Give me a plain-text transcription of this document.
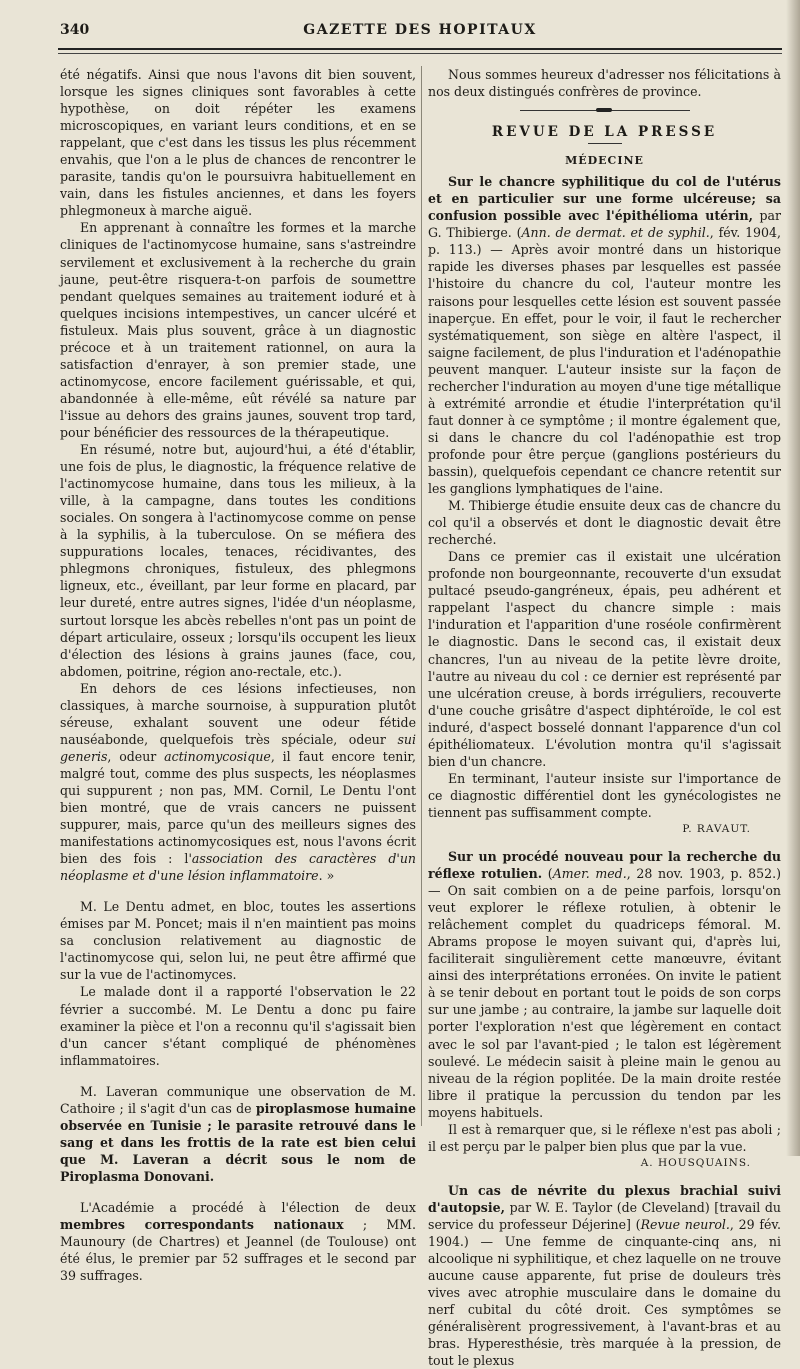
340	GAZETTE DES HOPITAUX

été négatifs. Ainsi que nous l'avons dit bien souvent, lorsque les signes cliniques sont favorables à cette hypothèse, on doit répéter les examens microscopiques, en variant leurs conditions, et en se rappelant, que c'est dans les tissus les plus récemment envahis, que l'on a le plus de chances de rencontrer le parasite, tandis qu'on le poursuivra habituellement en vain, dans les fistules anciennes, et dans les foyers phlegmoneux à marche aiguë.

En apprenant à connaître les formes et la marche cliniques de l'actinomycose humaine, sans s'astreindre servilement et exclusivement à la recherche du grain jaune, peut-être risquera-t-on parfois de soumettre pendant quelques semaines au traitement ioduré et à quelques incisions intempestives, un cancer ulcéré et fistuleux. Mais plus souvent, grâce à un diagnostic précoce et à un traitement rationnel, on aura la satisfaction d'enrayer, à son premier stade, une actinomycose, encore facilement guérissable, et qui, abandonnée à elle-même, eût révélé sa nature par l'issue au dehors des grains jaunes, souvent trop tard, pour bénéficier des ressources de la thérapeutique.

En résumé, notre but, aujourd'hui, a été d'établir, une fois de plus, le diagnostic, la fréquence relative de l'actinomycose humaine, dans tous les milieux, à la ville, à la campagne, dans toutes les conditions sociales. On songera à l'actinomycose comme on pense à la syphilis, à la tuberculose. On se méfiera des suppurations locales, tenaces, récidivantes, des phlegmons chroniques, fistuleux, des phlegmons ligneux, etc., éveillant, par leur forme en placard, par leur dureté, entre autres signes, l'idée d'un néoplasme, surtout lorsque les abcès rebelles n'ont pas un point de départ articulaire, osseux ; lorsqu'ils occupent les lieux d'élection des lésions à grains jaunes (face, cou, abdomen, poitrine, région ano-rectale, etc.).

En dehors de ces lésions infectieuses, non classiques, à marche sournoise, à suppuration plutôt séreuse, exhalant souvent une odeur fétide nauséabonde, quelquefois très spéciale, odeur sui generis, odeur actinomycosique, il faut encore tenir, malgré tout, comme des plus suspects, les néoplasmes qui suppurent ; non pas, MM. Cornil, Le Dentu l'ont bien montré, que de vrais cancers ne puissent suppurer, mais, parce qu'un des meilleurs signes des manifestations actinomycosiques est, nous l'avons écrit bien des fois : l'association des caractères d'un néoplasme et d'une lésion inflammatoire. »

M. Le Dentu admet, en bloc, toutes les assertions émises par M. Poncet; mais il n'en maintient pas moins sa conclusion relativement au diagnostic de l'actinomycose qui, selon lui, ne peut être affirmé que sur la vue de l'actinomyces.

Le malade dont il a rapporté l'observation le 22 février a succombé. M. Le Dentu a donc pu faire examiner la pièce et l'on a reconnu qu'il s'agissait bien d'un cancer s'étant compliqué de phénomènes inflammatoires.

M. Laveran communique une observation de M. Cathoire ; il s'agit d'un cas de piroplasmose humaine observée en Tunisie ; le parasite retrouvé dans le sang et dans les frottis de la rate est bien celui que M. Laveran a décrit sous le nom de Piroplasma Donovani.

L'Académie a procédé à l'élection de deux membres correspondants nationaux ; MM. Maunoury (de Chartres) et Jeannel (de Toulouse) ont été élus, le premier par 52 suffrages et le second par 39 suffrages.

Nous sommes heureux d'adresser nos félicitations à nos deux distingués confrères de province.

REVUE DE LA PRESSE
MÉDECINE

Sur le chancre syphilitique du col de l'utérus et en particulier sur une forme ulcéreuse; sa confusion possible avec l'épithélioma utérin, par G. Thibierge. (Ann. de dermat. et de syphil., fév. 1904, p. 113.) — Après avoir montré dans un historique rapide les diverses phases par lesquelles est passée l'histoire du chancre du col, l'auteur montre les raisons pour lesquelles cette lésion est souvent passée inaperçue. En effet, pour le voir, il faut le rechercher systématiquement, son siège en altère l'aspect, il saigne facilement, de plus l'induration et l'adénopathie peuvent manquer. L'auteur insiste sur la façon de rechercher l'induration au moyen d'une tige métallique à extrémité arrondie et étudie l'interprétation qu'il faut donner à ce symptôme ; il montre également que, si dans le chancre du col l'adénopathie est trop profonde pour être perçue (ganglions postérieurs du bassin), quelquefois cependant ce chancre retentit sur les ganglions lymphatiques de l'aine.

M. Thibierge étudie ensuite deux cas de chancre du col qu'il a observés et dont le diagnostic devait être recherché.

Dans ce premier cas il existait une ulcération profonde non bourgeonnante, recouverte d'un exsudat pultacé pseudo-gangréneux, épais, peu adhérent et rappelant l'aspect du chancre simple : mais l'induration et l'apparition d'une roséole confirmèrent le diagnostic. Dans le second cas, il existait deux chancres, l'un au niveau de la petite lèvre droite, l'autre au niveau du col : ce dernier est représenté par une ulcération creuse, à bords irréguliers, recouverte d'une couche grisâtre d'aspect diphtéroïde, le col est induré, d'aspect bosselé donnant l'apparence d'un col épithéliomateux. L'évolution montra qu'il s'agissait bien d'un chancre.

En terminant, l'auteur insiste sur l'importance de ce diagnostic différentiel dont les gynécologistes ne tiennent pas suffisamment compte.

P. RAVAUT.

Sur un procédé nouveau pour la recherche du réflexe rotulien. (Amer. med., 28 nov. 1903, p. 852.) — On sait combien on a de peine parfois, lorsqu'on veut explorer le réflexe rotulien, à obtenir le relâchement complet du quadriceps fémoral. M. Abrams propose le moyen suivant qui, d'après lui, faciliterait singulièrement cette manœuvre, évitant ainsi des interprétations erronées. On invite le patient à se tenir debout en portant tout le poids de son corps sur une jambe ; au contraire, la jambe sur laquelle doit porter l'exploration n'est que légèrement en contact avec le sol par l'avant-pied ; le talon est légèrement soulevé. Le médecin saisit à pleine main le genou au niveau de la région poplitée. De la main droite restée libre il pratique la percussion du tendon par les moyens habituels.

Il est à remarquer que, si le réflexe n'est pas aboli ; il est perçu par le palper bien plus que par la vue.

A. HOUSQUAINS.

Un cas de névrite du plexus brachial suivi d'autopsie, par W. E. Taylor (de Cleveland) [travail du service du professeur Déjerine] (Revue neurol., 29 fév. 1904.) — Une femme de cinquante-cinq ans, ni alcoolique ni syphilitique, et chez laquelle on ne trouve aucune cause apparente, fut prise de douleurs très vives avec atrophie musculaire dans le domaine du nerf cubital du côté droit. Ces symptômes se généralisèrent progressivement, à l'avant-bras et au bras. Hyperesthésie, très marquée à la pression, de tout le plexus
